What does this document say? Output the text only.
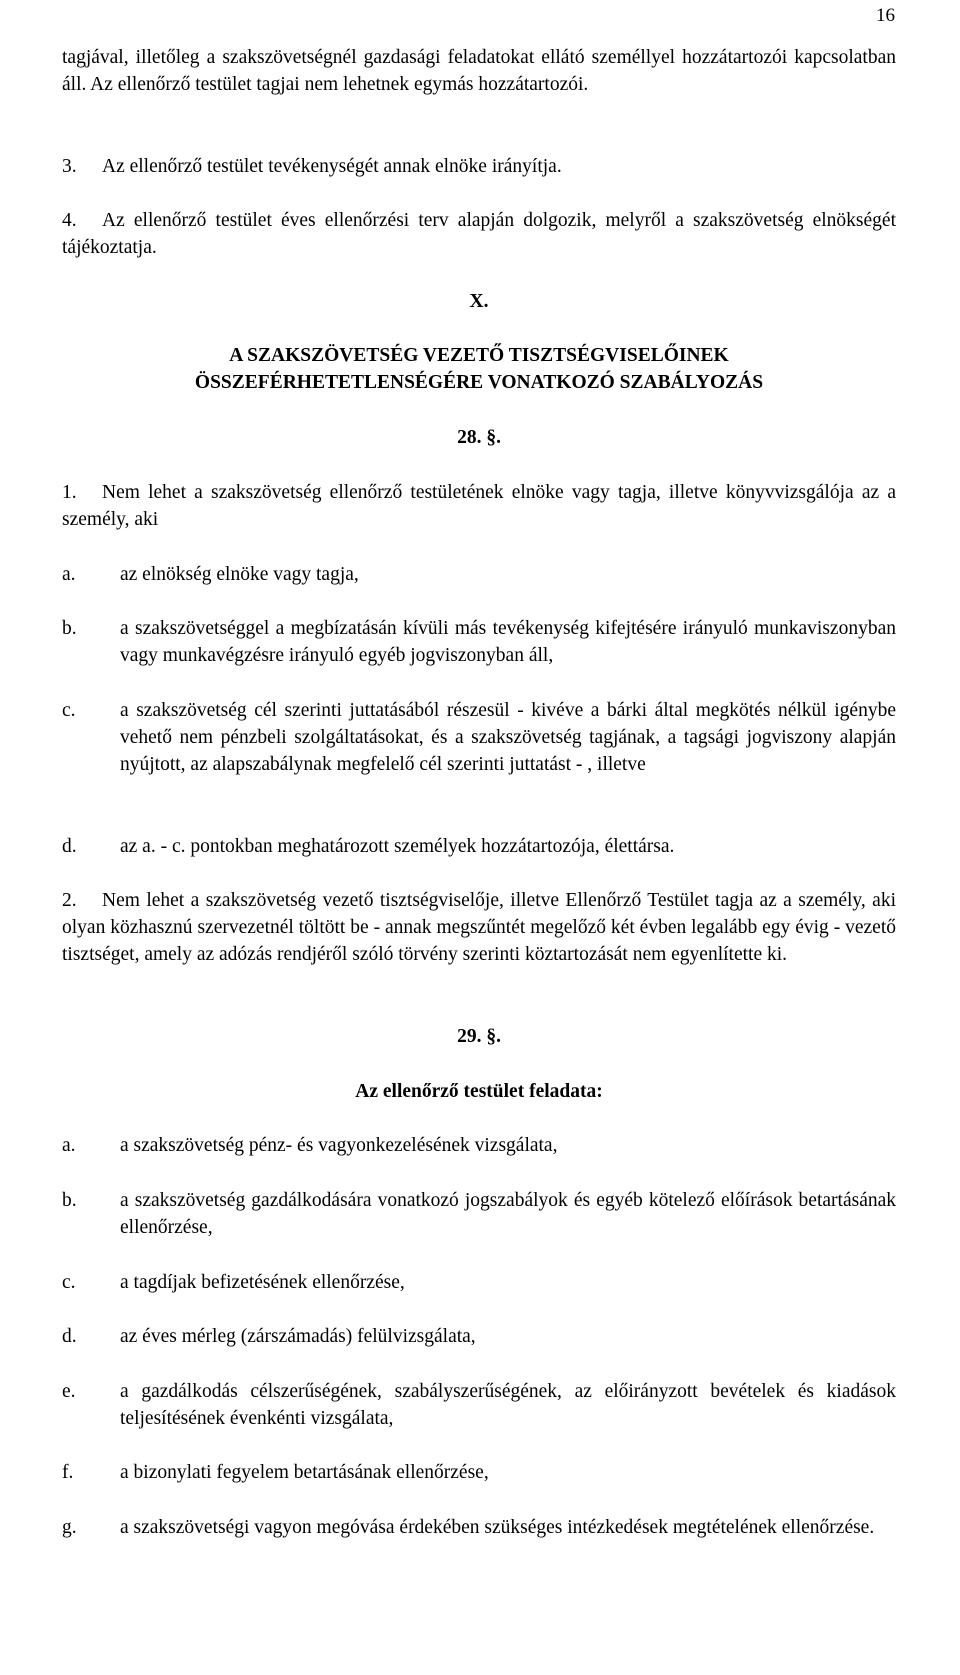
16
tagjával, illetőleg a szakszövetségnél gazdasági feladatokat ellátó személlyel hozzátartozói kapcsolatban áll. Az ellenőrző testület tagjai nem lehetnek egymás hozzátartozói.
3. Az ellenőrző testület tevékenységét annak elnöke irányítja.
4.	Az ellenőrző testület éves ellenőrzési terv alapján dolgozik, melyről a szakszövetség elnökségét tájékoztatja.
X.
A SZAKSZÖVETSÉG VEZETŐ TISZTSÉGVISELŐINEK
ÖSSZEFÉRHETETLENSÉGÉRE VONATKOZÓ SZABÁLYOZÁS
28. §.
1.	Nem lehet a szakszövetség ellenőrző testületének elnöke vagy tagja, illetve könyvvizsgálója az a személy, aki
a. az elnökség elnöke vagy tagja,
b. a szakszövetséggel a megbízatásán kívüli más tevékenység kifejtésére irányuló munkaviszonyban vagy munkavégzésre irányuló egyéb jogviszonyban áll,
c. a szakszövetség cél szerinti juttatásából részesül - kivéve a bárki által megkötés nélkül igénybe vehető nem pénzbeli szolgáltatásokat, és a szakszövetség tagjának, a tagsági jogviszony alapján nyújtott, az alapszabálynak megfelelő cél szerinti juttatást - , illetve
d. az a. - c. pontokban meghatározott személyek hozzátartozója, élettársa.
2.	Nem lehet a szakszövetség vezető tisztségviselője, illetve Ellenőrző Testület tagja az a személy, aki olyan közhasznú szervezetnél töltött be - annak megszűntét megelőző két évben legalább egy évig - vezető tisztséget, amely az adózás rendjéről szóló törvény szerinti köztartozását nem egyenlítette ki.
29. §.
Az ellenőrző testület feladata:
a. a szakszövetség pénz- és vagyonkezelésének vizsgálata,
b. a szakszövetség gazdálkodására vonatkozó jogszabályok és egyéb kötelező előírások betartásának ellenőrzése,
c. a tagdíjak befizetésének ellenőrzése,
d. az éves mérleg (zárszámadás) felülvizsgálata,
e. a gazdálkodás célszerűségének, szabályszerűségének, az előirányzott bevételek és kiadások teljesítésének évenkénti vizsgálata,
f. a bizonylati fegyelem betartásának ellenőrzése,
g. a szakszövetségi vagyon megóvása érdekében szükséges intézkedések megtételének ellenőrzése.
